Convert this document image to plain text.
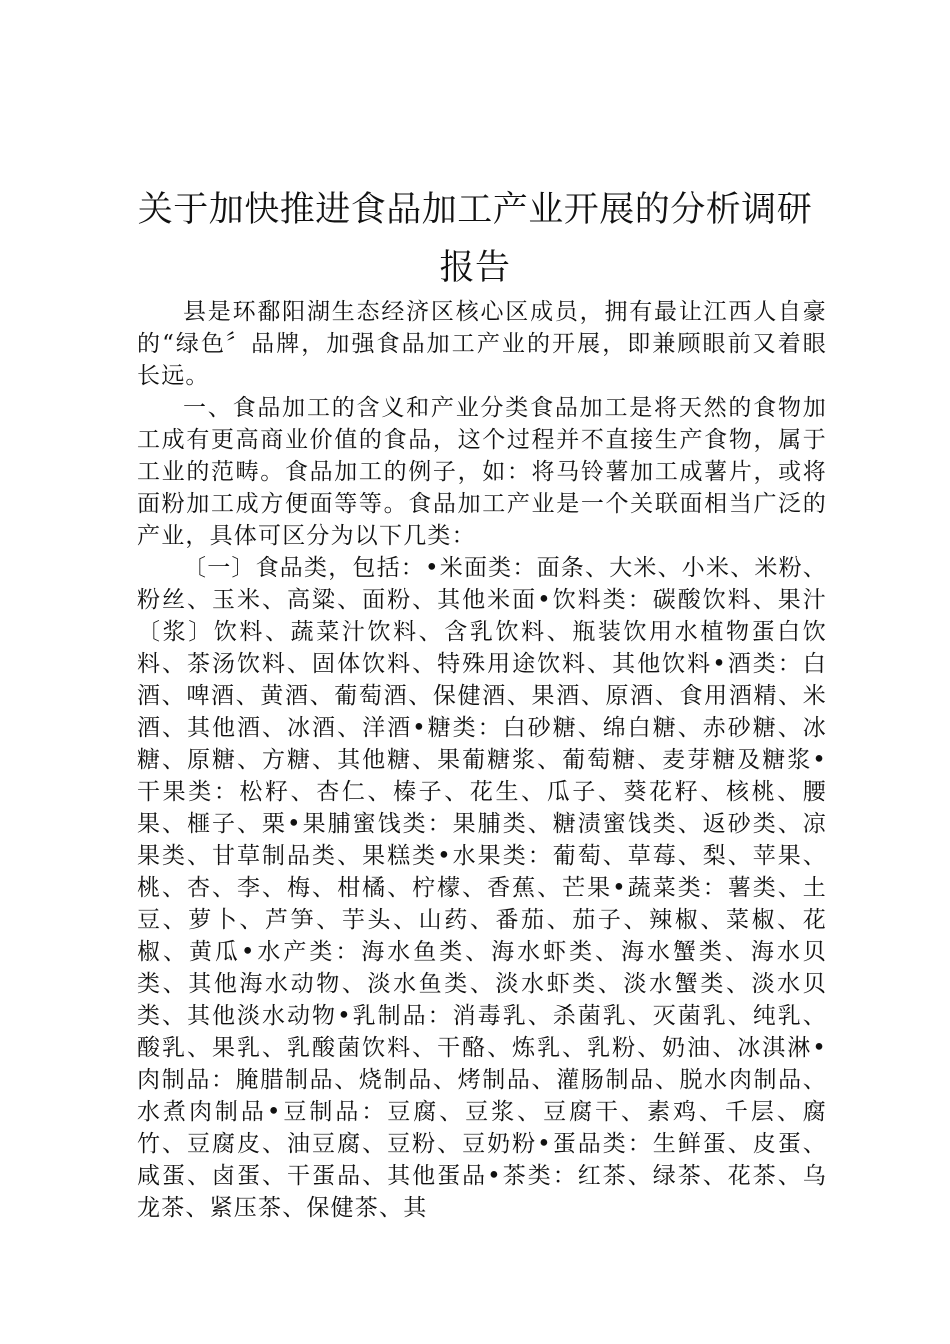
关于加快推进食品加工产业开展的分析调研
报告

县是环鄱阳湖生态经济区核心区成员，拥有最让江西人自豪的“绿色〞品牌，加强食品加工产业的开展，即兼顾眼前又着眼长远。

一、食品加工的含义和产业分类食品加工是将天然的食物加工成有更高商业价值的食品，这个过程并不直接生产食物，属于工业的范畴。食品加工的例子，如：将马铃薯加工成薯片，或将面粉加工成方便面等等。食品加工产业是一个关联面相当广泛的产业，具体可区分为以下几类：

〔一〕食品类，包括：•米面类：面条、大米、小米、米粉、粉丝、玉米、高粱、面粉、其他米面•饮料类：碳酸饮料、果汁〔浆〕饮料、蔬菜汁饮料、含乳饮料、瓶装饮用水植物蛋白饮料、茶汤饮料、固体饮料、特殊用途饮料、其他饮料•酒类：白酒、啤酒、黄酒、葡萄酒、保健酒、果酒、原酒、食用酒精、米酒、其他酒、冰酒、洋酒•糖类：白砂糖、绵白糖、赤砂糖、冰糖、原糖、方糖、其他糖、果葡糖浆、葡萄糖、麦芽糖及糖浆•干果类：松籽、杏仁、榛子、花生、瓜子、葵花籽、核桃、腰果、榧子、栗•果脯蜜饯类：果脯类、糖渍蜜饯类、返砂类、凉果类、甘草制品类、果糕类•水果类：葡萄、草莓、梨、苹果、桃、杏、李、梅、柑橘、柠檬、香蕉、芒果•蔬菜类：薯类、土豆、萝卜、芦笋、芋头、山药、番茄、茄子、辣椒、菜椒、花椒、黄瓜•水产类：海水鱼类、海水虾类、海水蟹类、海水贝类、其他海水动物、淡水鱼类、淡水虾类、淡水蟹类、淡水贝类、其他淡水动物•乳制品：消毒乳、杀菌乳、灭菌乳、纯乳、酸乳、果乳、乳酸菌饮料、干酪、炼乳、乳粉、奶油、冰淇淋•肉制品：腌腊制品、烧制品、烤制品、灌肠制品、脱水肉制品、水煮肉制品•豆制品：豆腐、豆浆、豆腐干、素鸡、千层、腐竹、豆腐皮、油豆腐、豆粉、豆奶粉•蛋品类：生鲜蛋、皮蛋、咸蛋、卤蛋、干蛋品、其他蛋品•茶类：红茶、绿茶、花茶、乌龙茶、紧压茶、保健茶、其
